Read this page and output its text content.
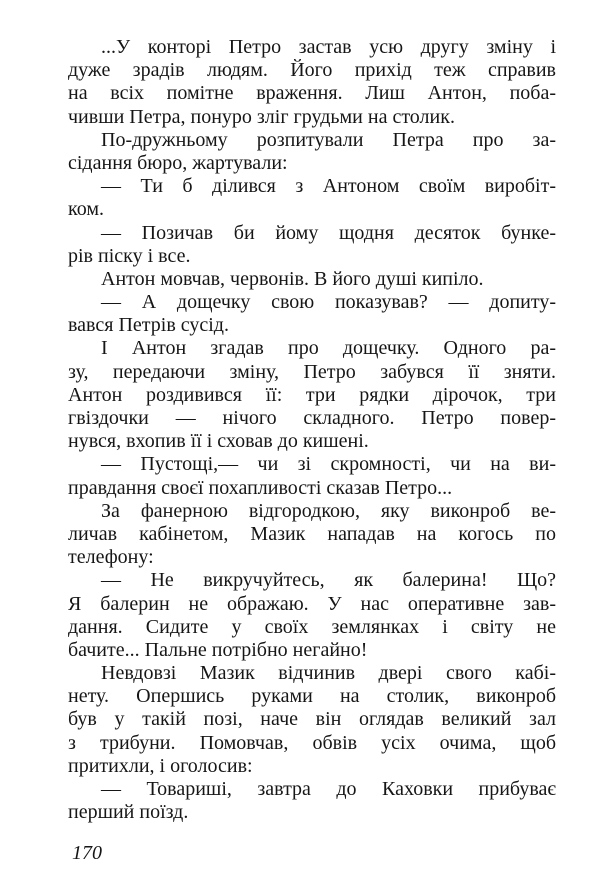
...У конторі Петро застав усю другу зміну і
дуже зрадів людям. Його прихід теж справив
на всіх помітне враження. Лиш Антон, поба-
чивши Петра, понуро зліг грудьми на столик.
По-дружньому розпитували Петра про за-
сідання бюро, жартували:
— Ти б ділився з Антоном своїм виробіт-
ком.
— Позичав би йому щодня десяток бунке-
рів піску і все.
Антон мовчав, червонів. В його душі кипіло.
— А дощечку свою показував? — допиту-
вався Петрів сусід.
І Антон згадав про дощечку. Одного ра-
зу, передаючи зміну, Петро забувся її зняти.
Антон роздивився її: три рядки дірочок, три
гвіздочки — нічого складного. Петро повер-
нувся, вхопив її і сховав до кишені.
— Пустощі,— чи зі скромності, чи на ви-
правдання своєї похапливості сказав Петро...
За фанерною відгородкою, яку виконроб ве-
личав кабінетом, Мазик нападав на когось по
телефону:
— Не викручуйтесь, як балерина! Що?
Я балерин не ображаю. У нас оперативне зав-
дання. Сидите у своїх землянках і світу не
бачите... Пальне потрібно негайно!
Невдовзі Мазик відчинив двері свого кабі-
нету. Опершись руками на столик, виконроб
був у такій позі, наче він оглядав великий зал
з трибуни. Помовчав, обвів усіх очима, щоб
притихли, і оголосив:
— Товариші, завтра до Каховки прибуває
перший поїзд.
170
